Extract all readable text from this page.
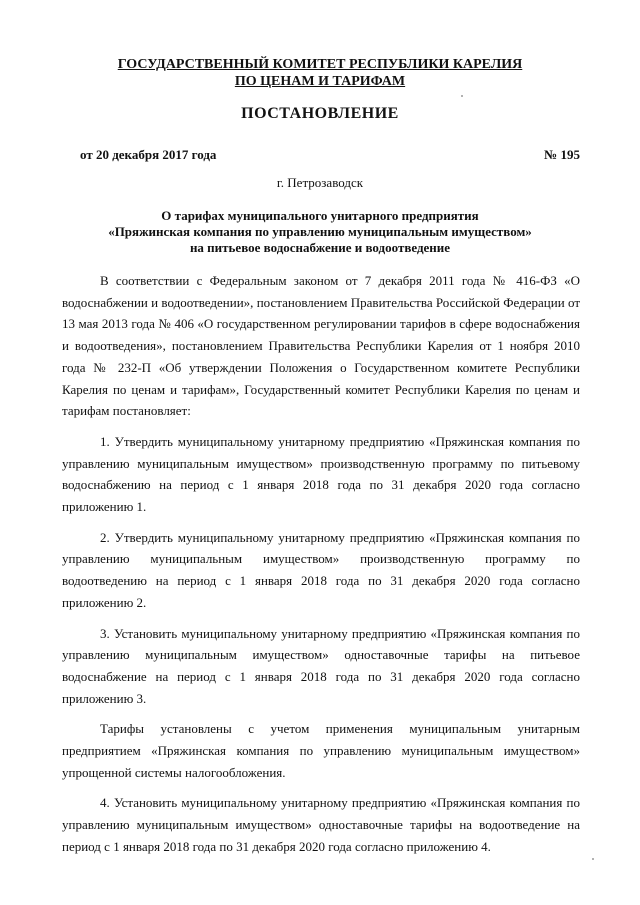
ГОСУДАРСТВЕННЫЙ КОМИТЕТ РЕСПУБЛИКИ КАРЕЛИЯ
ПО ЦЕНАМ И ТАРИФАМ
ПОСТАНОВЛЕНИЕ
от 20 декабря 2017 года	№ 195
г. Петрозаводск
О тарифах муниципального унитарного предприятия
«Пряжинская компания по управлению муниципальным имуществом»
на питьевое водоснабжение и водоотведение

В соответствии с Федеральным законом от 7 декабря 2011 года № 416-ФЗ «О водоснабжении и водоотведении», постановлением Правительства Российской Федерации от 13 мая 2013 года № 406 «О государственном регулировании тарифов в сфере водоснабжения и водоотведения», постановлением Правительства Республики Карелия от 1 ноября 2010 года № 232-П «Об утверждении Положения о Государственном комитете Республики Карелия по ценам и тарифам», Государственный комитет Республики Карелия по ценам и тарифам постановляет:

1. Утвердить муниципальному унитарному предприятию «Пряжинская компания по управлению муниципальным имуществом» производственную программу по питьевому водоснабжению на период с 1 января 2018 года по 31 декабря 2020 года согласно приложению 1.

2. Утвердить муниципальному унитарному предприятию «Пряжинская компания по управлению муниципальным имуществом» производственную программу по водоотведению на период с 1 января 2018 года по 31 декабря 2020 года согласно приложению 2.

3. Установить муниципальному унитарному предприятию «Пряжинская компания по управлению муниципальным имуществом» одноставочные тарифы на питьевое водоснабжение на период с 1 января 2018 года по 31 декабря 2020 года согласно приложению 3.

Тарифы установлены с учетом применения муниципальным унитарным предприятием «Пряжинская компания по управлению муниципальным имуществом» упрощенной системы налогообложения.

4. Установить муниципальному унитарному предприятию «Пряжинская компания по управлению муниципальным имуществом» одноставочные тарифы на водоотведение на период с 1 января 2018 года по 31 декабря 2020 года согласно приложению 4.
